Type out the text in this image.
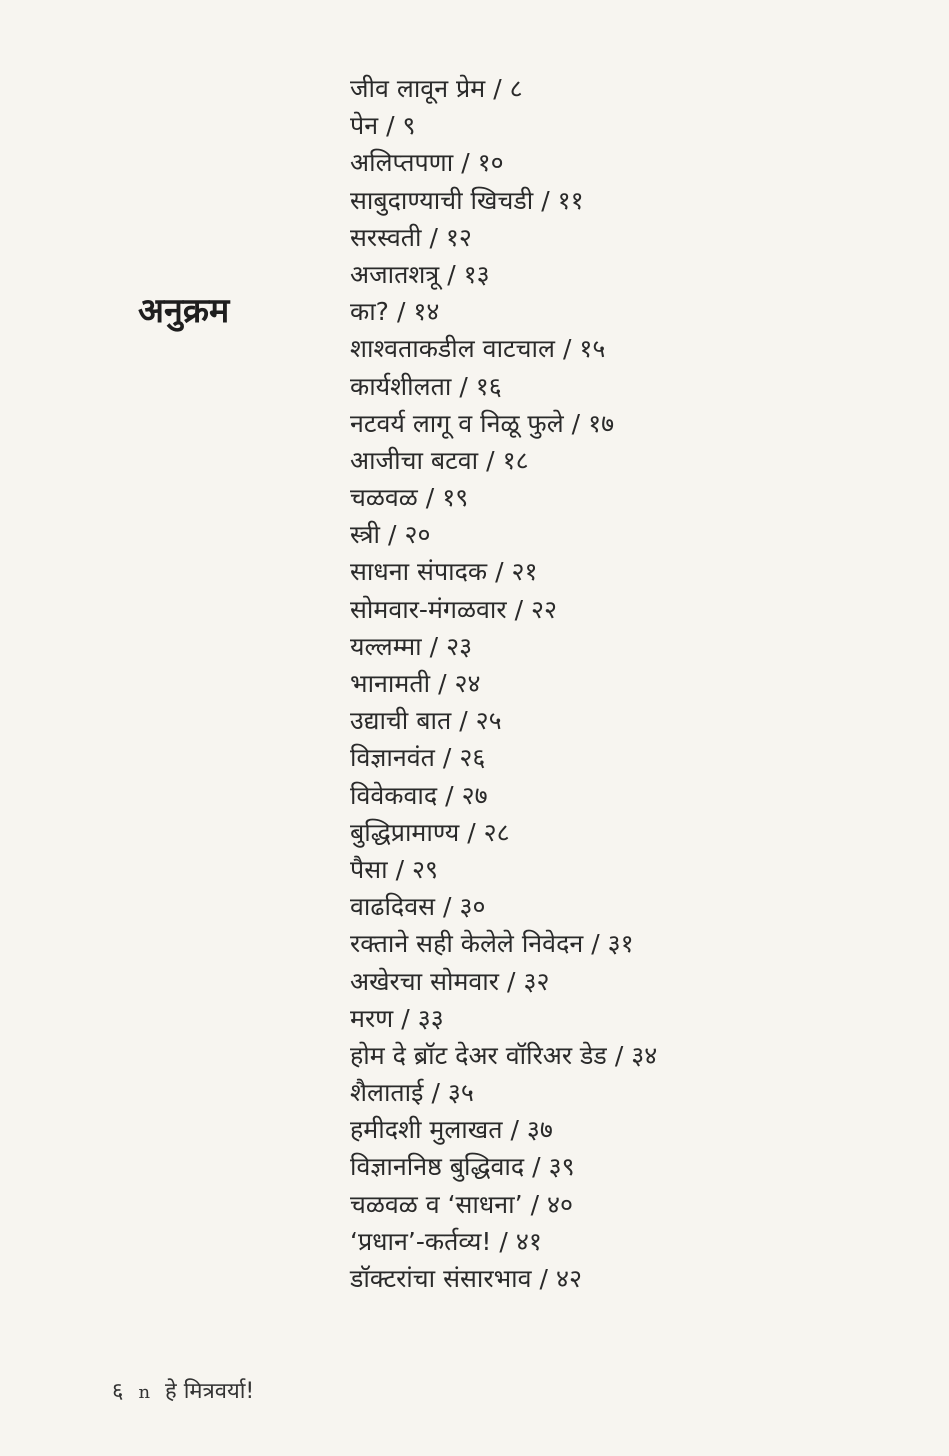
अनुक्रम
जीव लावून प्रेम / ८
पेन / ९
अलिप्तपणा / १०
साबुदाण्याची खिचडी / ११
सरस्वती / १२
अजातशत्रू / १३
का? / १४
शाश्वताकडील वाटचाल / १५
कार्यशीलता / १६
नटवर्य लागू व निळू फुले / १७
आजीचा बटवा / १८
चळवळ / १९
स्त्री / २०
साधना संपादक / २१
सोमवार-मंगळवार / २२
यल्लम्मा / २३
भानामती / २४
उद्याची बात / २५
विज्ञानवंत / २६
विवेकवाद / २७
बुद्धिप्रामाण्य / २८
पैसा / २९
वाढदिवस / ३०
रक्ताने सही केलेले निवेदन / ३१
अखेरचा सोमवार / ३२
मरण / ३३
होम दे ब्रॉट देअर वॉरिअर डेड / ३४
शैलाताई / ३५
हमीदशी मुलाखत / ३७
विज्ञाननिष्ठ बुद्धिवाद / ३९
चळवळ व ‘साधना’ / ४०
‘प्रधान’-कर्तव्य! / ४१
डॉक्टरांचा संसारभाव / ४२
६ n हे मित्रवर्या!
